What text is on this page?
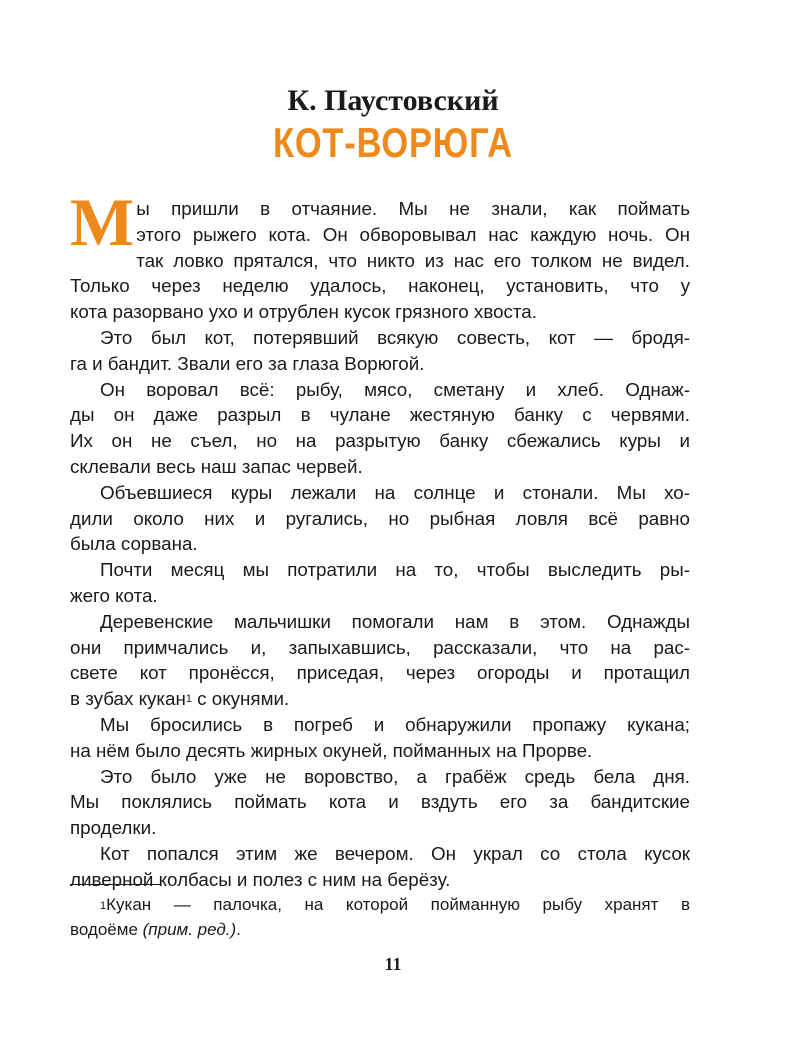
К. Паустовский
КОТ-ВОРЮГА
М ы пришли в отчаяние. Мы не знали, как поймать
этого рыжего кота. Он обворовывал нас каждую ночь. Он
так ловко прятался, что никто из нас его толком не видел.
Только через неделю удалось, наконец, установить, что у
кота разорвано ухо и отрублен кусок грязного хвоста.
Это был кот, потерявший всякую совесть, кот — бродя-
га и бандит. Звали его за глаза Ворюгой.
Он воровал всё: рыбу, мясо, сметану и хлеб. Однаж-
ды он даже разрыл в чулане жестяную банку с червями.
Их он не съел, но на разрытую банку сбежались куры и
склевали весь наш запас червей.
Объевшиеся куры лежали на солнце и стонали. Мы хо-
дили около них и ругались, но рыбная ловля всё равно
была сорвана.
Почти месяц мы потратили на то, чтобы выследить ры-
жего кота.
Деревенские мальчишки помогали нам в этом. Однажды
они примчались и, запыхавшись, рассказали, что на рас-
свете кот пронёсся, приседая, через огороды и протащил
в зубах кукан$^1$ с окунями.
Мы бросились в погреб и обнаружили пропажу кукана;
на нём было десять жирных окуней, пойманных на Прорве.
Это было уже не воровство, а грабёж средь бела дня.
Мы поклялись поймать кота и вздуть его за бандитские
проделки.
Кот попался этим же вечером. Он украл со стола кусок
ливерной колбасы и полез с ним на берёзу.
$^1$Кукан — палочка, на которой пойманную рыбу хранят в
водоёме (прим. ред.).
11
